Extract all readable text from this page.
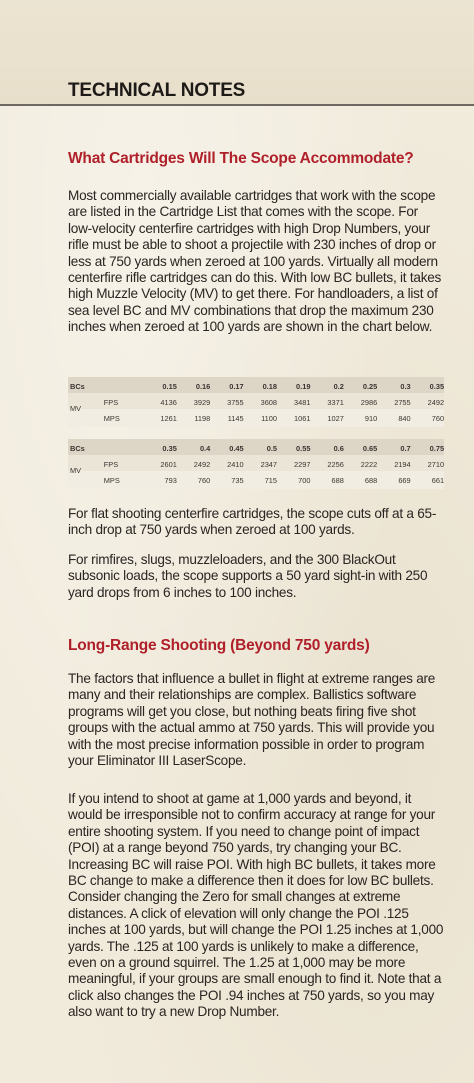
TECHNICAL NOTES
What Cartridges Will The Scope Accommodate?

Most commercially available cartridges that work with the scope are listed in the Cartridge List that comes with the scope. For low-velocity centerfire cartridges with high Drop Numbers, your rifle must be able to shoot a projectile with 230 inches of drop or less at 750 yards when zeroed at 100 yards. Virtually all modern centerfire rifle cartridges can do this. With low BC bullets, it takes high Muzzle Velocity (MV) to get there. For handloaders, a list of sea level BC and MV combinations that drop the maximum 230 inches when zeroed at 100 yards are shown in the chart below.

BCs	0.15	0.16	0.17	0.18	0.19	0.2	0.25	0.3	0.35
FPS	4136	3929	3755	3608	3481	3371	2986	2755	2492
MPS	1261	1198	1145	1100	1061	1027	910	840	760
MV
BCs	0.35	0.4	0.45	0.5	0.55	0.6	0.65	0.7	0.75
FPS	2601	2492	2410	2347	2297	2256	2222	2194	2710
MPS	793	760	735	715	700	688	688	669	661
MV

For flat shooting centerfire cartridges, the scope cuts off at a 65-inch drop at 750 yards when zeroed at 100 yards.

For rimfires, slugs, muzzleloaders, and the 300 BlackOut subsonic loads, the scope supports a 50 yard sight-in with 250 yard drops from 6 inches to 100 inches.

Long-Range Shooting (Beyond 750 yards)

The factors that influence a bullet in flight at extreme ranges are many and their relationships are complex. Ballistics software programs will get you close, but nothing beats firing five shot groups with the actual ammo at 750 yards. This will provide you with the most precise information possible in order to program your Eliminator III LaserScope.

If you intend to shoot at game at 1,000 yards and beyond, it would be irresponsible not to confirm accuracy at range for your entire shooting system. If you need to change point of impact (POI) at a range beyond 750 yards, try changing your BC. Increasing BC will raise POI. With high BC bullets, it takes more BC change to make a difference then it does for low BC bullets. Consider changing the Zero for small changes at extreme distances. A click of elevation will only change the POI .125 inches at 100 yards, but will change the POI 1.25 inches at 1,000 yards. The .125 at 100 yards is unlikely to make a difference, even on a ground squirrel. The 1.25 at 1,000 may be more meaningful, if your groups are small enough to find it. Note that a click also changes the POI .94 inches at 750 yards, so you may also want to try a new Drop Number.
